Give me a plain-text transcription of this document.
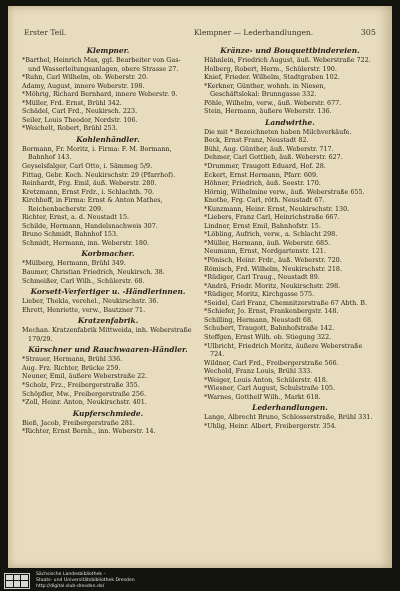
Erster Teil.	Klempner — Lederhandlungen.	305
Klempner.
*Barthel, Heinrich Max, ggl. Bearbeiter von Gas- und Wasserleitungsanlagen, obere Strasse 27.
*Ruhn, Carl Wilhelm, ob. Weberstr. 20.
Adamy, August, innere Weberstr. 198.
*Möhrig, Richard Bernhard, innere Weberstr. 9.
*Müller, Frd. Ernst, Brühl 342.
Schädel, Carl Frd., Neukirsch. 223.
Seiler, Louis Theodor, Nordstr. 106.
*Weichelt, Robert, Brühl 253.
Kohlenhändler.
Bormann, Fr. Moritz, i. Firma: F. M. Bormann, Bahnhof 143.
Geyselsfalger, Carl Otto, i. Sämmeg 5/9.
Fittag, Gebr. Koch. Neukirschstr. 29 (Pfarrhof).
Reinhardt, Frg. Emil, äuß. Weberstr. 280.
Kretzmann, Ernst Frdr., i. Schlachth. 70.
Kirchhoff, in Firma: Ernst & Anton Mathes, Reichenbacherstr. 209.
Richter, Ernst, a. d. Neustadt 15.
Schilde, Hermann, Handelsnachweis 307.
Bruno Schmidt, Bahnhof 153.
Schmidt, Hermann, inn. Weberstr. 180.
Korbmacher.
*Mülberg, Hermann, Brühl 349.
Baumer, Christian Friedrich, Neukirsch. 38.
Schmeißer, Carl Wilh., Schülerstr. 68.
Korsett-Verfertiger u. -Händlerinnen.
Lieber, Thekla, verehel., Neukirschstr. 36.
Ehrett, Henriette, verw., Bautzner 71.
Kratzenfabrik.
Mechan. Kratzenfabrik Mittweida, inh. Weberstraße 179/29.
Kürschner und Rauchwaaren-Händler.
*Strauer, Hermann, Brühl 336.
Aug. Frz. Richter, Brücke 259.
Neuner, Emil, äußere Weberstraße 22.
*Scholz, Frz., Freibergerstraße 355.
Schöpfler, Mw., Freibergerstraße 256.
*Zoll, Heinr. Anton, Neukirschstr. 401.
Kupferschmiede.
Bieß, Jacob, Freibergerstraße 281.
*Richter, Ernst Bernh., inn. Weberstr. 14.
Kränze- und Bouquettbindereien.
Hähnlein, Friedrich August, äuß. Weberstraße 722.
Holberg, Robert, Herm., Schülerstr. 190.
Knief, Frieder. Wilhelm, Stadtgraben 102.
*Kerkner, Günther, wohnh. in Niesen, Geschäftslokal: Brunngasse 332.
Pöhle, Wilhelm, verw., äuß. Weberstr. 677.
Stein, Hermann, äußere Weberstr. 136.
Landwirthe.
Die mit * Bezeichneten haben Milchverkäufe.
Beck, Ernst Franz, Neustadt 82.
Bühl, Aug. Günther, äuß. Weberstr. 717.
Dehmer, Carl Gottlieb, äuß. Weberstr. 627.
*Drummer, Traugott Eduard, Hof. 28.
Eckert, Ernst Hermann, Pfarr. 609.
Höhner, Friedrich, äuß. Seestr. 170.
Hörnig, Wilhelmine verw., äuß. Weberstraße 655.
Knothe, Frg. Carl, röth. Neustadt 67.
*Kunzmann, Heinr. Ernst, Neukirschstr. 130.
*Liebers, Franz Carl, Heinrichstraße 667.
Lindner, Ernst Emil, Bahnhofstr. 15.
*Löbling, Aufrich, verw., a. Schlacht 298.
*Müller, Hermann, äuß. Weberstr. 685.
Neumann, Ernst, Nordgartenstr. 121.
*Pönisch, Heinr. Frdr., äuß. Weberstr. 720.
Römisch, Frd. Wilhelm, Neukirschstr. 218.
*Rüdiger, Carl Traug., Neustadt 89.
*Andrä, Friedr. Moritz, Neukirschstr. 298.
*Rüdiger, Moritz, Kirchgasse 575.
*Seidel, Carl Franz, Chemnitzerstraße 67 Abth. B.
*Schiefer, Jo. Ernst, Frankenbergstr. 148.
Schilling, Hermann, Neustadt 68.
Schubert, Traugott, Bahnhofstraße 142.
Steffgen, Ernst Wilh. ob. Stiegung 322.
*Ulbricht, Friedrich Moritz, äußere Weberstraße 724.
Wildner, Carl Frd., Freibergerstraße 566.
Wechold, Franz Louis, Brühl 333.
*Weiger, Louis Anton, Schülerstr. 418.
*Wiesner, Carl August, Schulstraße 105.
*Warnes, Gotthelf Wilh., Markt 618.
Lederhandlungen.
Lange, Albrecht Bruno, Schlosserstraße, Brühl 331.
*Uhlig, Heinr. Albert, Freibergerstr. 354.
Sächsische Landesbibliothek –
Staats- und Universitätsbibliothek Dresden
http://digital.slub-dresden.de/
